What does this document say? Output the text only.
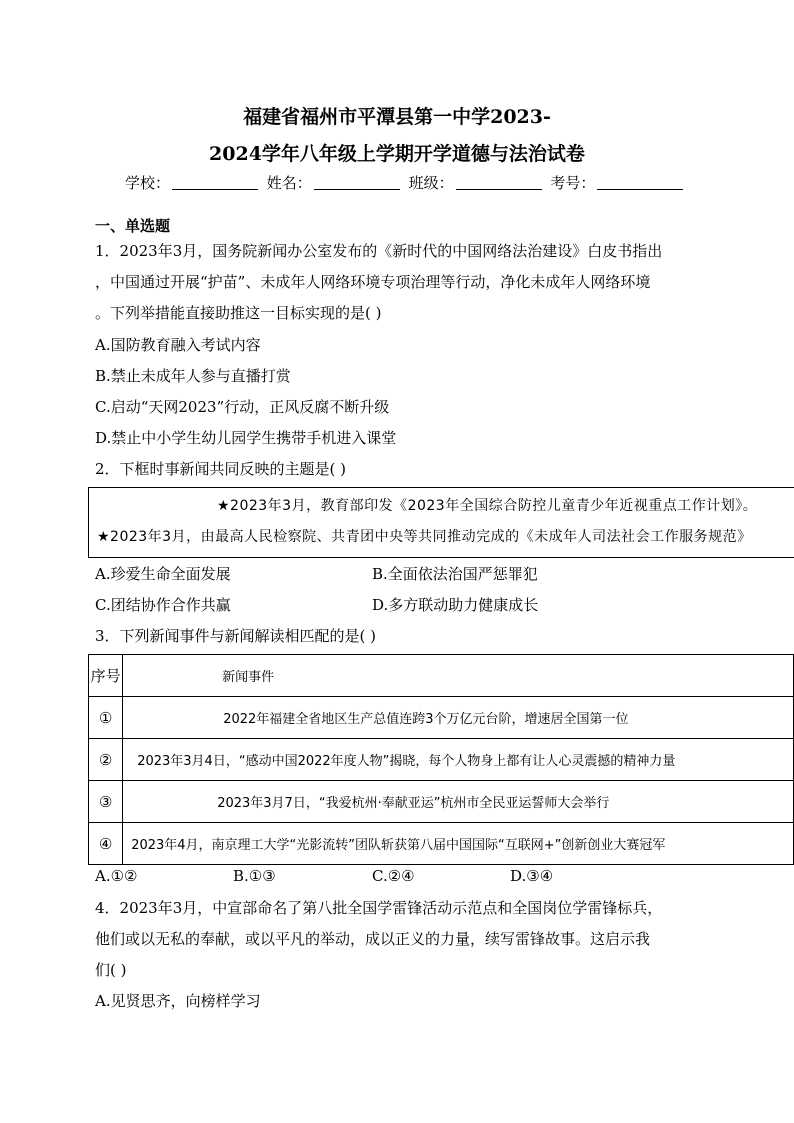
福建省福州市平潭县第一中学2023-
2024学年八年级上学期开学道德与法治试卷
学校：	姓名：	班级：	考号：
一、单选题
1．2023年3月，国务院新闻办公室发布的《新时代的中国网络法治建设》白皮书指出
，中国通过开展“护苗”、未成年人网络环境专项治理等行动，净化未成年人网络环境
。下列举措能直接助推这一目标实现的是( )
A.国防教育融入考试内容
B.禁止未成年人参与直播打赏
C.启动“天网2023”行动，正风反腐不断升级
D.禁止中小学生幼儿园学生携带手机进入课堂
2．下框时事新闻共同反映的主题是( )
★2023年3月，教育部印发《2023年全国综合防控儿童青少年近视重点工作计划》。
★2023年3月，由最高人民检察院、共青团中央等共同推动完成的《未成年人司法社会工作服务规范》
A.珍爱生命全面发展	B.全面依法治国严惩罪犯
C.团结协作合作共赢	D.多方联动助力健康成长
3．下列新闻事件与新闻解读相匹配的是( )
序号	新闻事件
①	2022年福建全省地区生产总值连跨3个万亿元台阶，增速居全国第一位
②	2023年3月4日，“感动中国2022年度人物”揭晓，每个人物身上都有让人心灵震撼的精神力量
③	2023年3月7日，“我爱杭州·奉献亚运”杭州市全民亚运誓师大会举行
④	2023年4月，南京理工大学“光影流转”团队斩获第八届中国国际“互联网+”创新创业大赛冠军
A.①②	B.①③	C.②④	D.③④
4．2023年3月，中宣部命名了第八批全国学雷锋活动示范点和全国岗位学雷锋标兵，
他们或以无私的奉献，或以平凡的举动，成以正义的力量，续写雷锋故事。这启示我
们( )
A.见贤思齐，向榜样学习
